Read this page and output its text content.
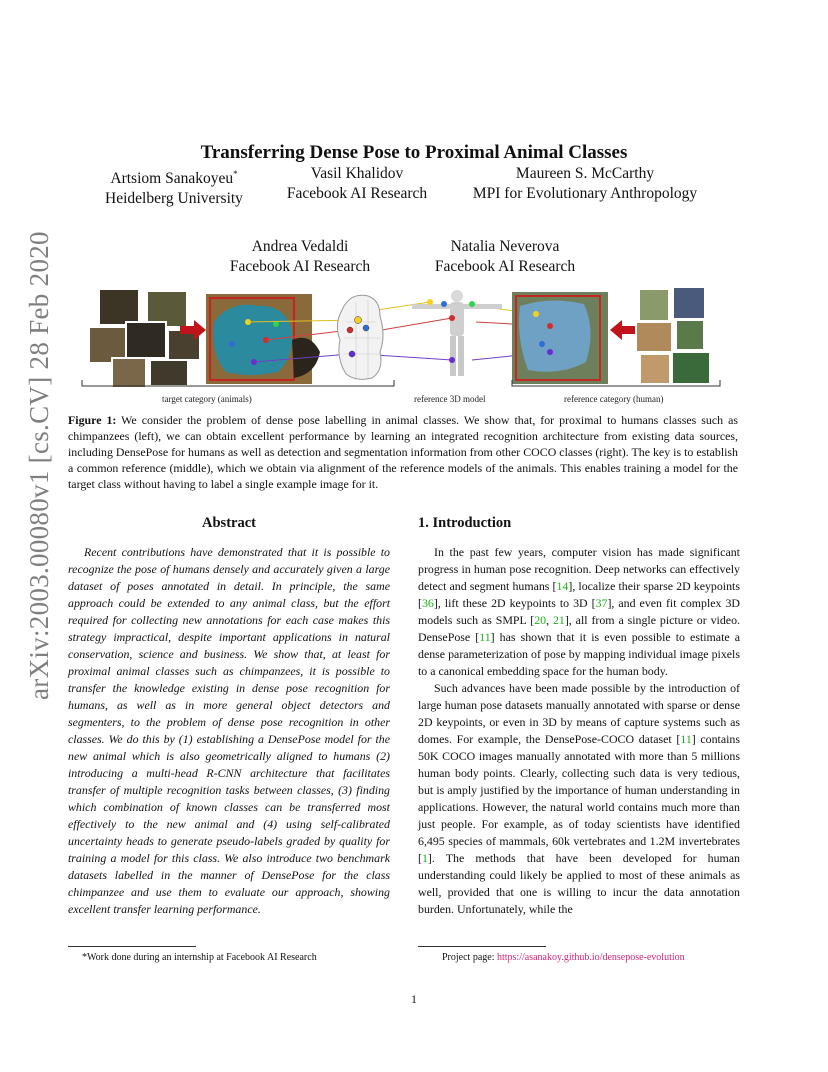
arXiv:2003.00080v1 [cs.CV] 28 Feb 2020
Transferring Dense Pose to Proximal Animal Classes
Artsiom Sanakoyeu*
Heidelberg University
Vasil Khalidov
Facebook AI Research
Maureen S. McCarthy
MPI for Evolutionary Anthropology
Andrea Vedaldi
Facebook AI Research
Natalia Neverova
Facebook AI Research
target category (animals)	reference 3D model	reference category (human)
Figure 1: We consider the problem of dense pose labelling in animal classes. We show that, for proximal to humans classes such as chimpanzees (left), we can obtain excellent performance by learning an integrated recognition architecture from existing data sources, including DensePose for humans as well as detection and segmentation information from other COCO classes (right). The key is to establish a common reference (middle), which we obtain via alignment of the reference models of the animals. This enables training a model for the target class without having to label a single example image for it.
Abstract
Recent contributions have demonstrated that it is possible to recognize the pose of humans densely and accurately given a large dataset of poses annotated in detail. In principle, the same approach could be extended to any animal class, but the effort required for collecting new annotations for each case makes this strategy impractical, despite important applications in natural conservation, science and business. We show that, at least for proximal animal classes such as chimpanzees, it is possible to transfer the knowledge existing in dense pose recognition for humans, as well as in more general object detectors and segmenters, to the problem of dense pose recognition in other classes. We do this by (1) establishing a DensePose model for the new animal which is also geometrically aligned to humans (2) introducing a multi-head R-CNN architecture that facilitates transfer of multiple recognition tasks between classes, (3) finding which combination of known classes can be transferred most effectively to the new animal and (4) using self-calibrated uncertainty heads to generate pseudo-labels graded by quality for training a model for this class. We also introduce two benchmark datasets labelled in the manner of DensePose for the class chimpanzee and use them to evaluate our approach, showing excellent transfer learning performance.
1. Introduction

In the past few years, computer vision has made significant progress in human pose recognition. Deep networks can effectively detect and segment humans [14], localize their sparse 2D keypoints [36], lift these 2D keypoints to 3D [37], and even fit complex 3D models such as SMPL [20, 21], all from a single picture or video. DensePose [11] has shown that it is even possible to estimate a dense parameterization of pose by mapping individual image pixels to a canonical embedding space for the human body.

Such advances have been made possible by the introduction of large human pose datasets manually annotated with sparse or dense 2D keypoints, or even in 3D by means of capture systems such as domes. For example, the DensePose-COCO dataset [11] contains 50K COCO images manually annotated with more than 5 millions human body points. Clearly, collecting such data is very tedious, but is amply justified by the importance of human understanding in applications. However, the natural world contains much more than just people. For example, as of today scientists have identified 6,495 species of mammals, 60k vertebrates and 1.2M invertebrates [1]. The methods that have been developed for human understanding could likely be applied to most of these animals as well, provided that one is willing to incur the data annotation burden. Unfortunately, while the

*Work done during an internship at Facebook AI Research	Project page: https://asanakoy.github.io/densepose-evolution
1
